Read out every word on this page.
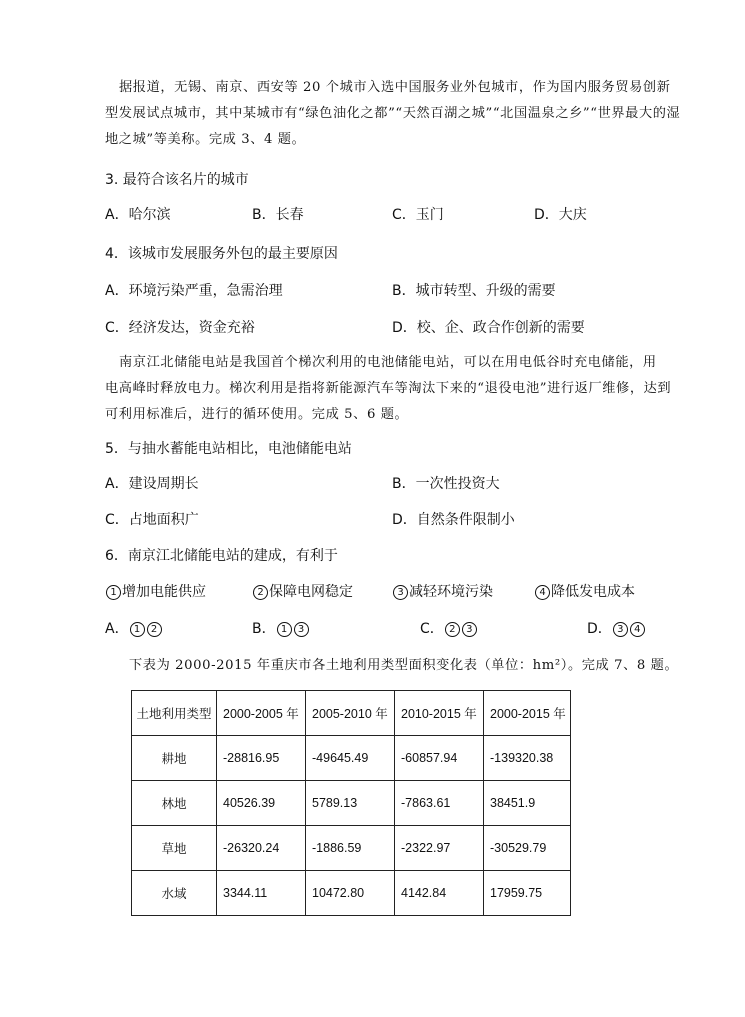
据报道，无锡、南京、西安等 20 个城市入选中国服务业外包城市，作为国内服务贸易创新
型发展试点城市，其中某城市有“绿色油化之都”“天然百湖之城”“北国温泉之乡”“世界最大的湿
地之城”等美称。完成 3、4 题。
3. 最符合该名片的城市
A．哈尔滨	B．长春	C．玉门	D．大庆
4．该城市发展服务外包的最主要原因
A．环境污染严重，急需治理	B．城市转型、升级的需要
C．经济发达，资金充裕	D．校、企、政合作创新的需要
南京江北储能电站是我国首个梯次利用的电池储能电站，可以在用电低谷时充电储能，用
电高峰时释放电力。梯次利用是指将新能源汽车等淘汰下来的“退役电池”进行返厂维修，达到
可利用标准后，进行的循环使用。完成 5、6 题。
5．与抽水蓄能电站相比，电池储能电站
A．建设周期长	B．一次性投资大
C．占地面积广	D．自然条件限制小
6．南京江北储能电站的建成，有利于
1 增加电能供应	2 保障电网稳定	3 减轻环境污染	4 降低发电成本
A． 1 2	B． 1 3	C． 2 3	D． 3 4
下表为 2000-2015 年重庆市各土地利用类型面积变化表（单位：hm²）。完成 7、8 题。
土地利用类型	2000-2005 年	2005-2010 年	2010-2015 年	2000-2015 年
耕地	-28816.95	-49645.49	-60857.94	-139320.38
林地	40526.39	5789.13	-7863.61	38451.9
草地	-26320.24	-1886.59	-2322.97	-30529.79
水域	3344.11	10472.80	4142.84	17959.75
